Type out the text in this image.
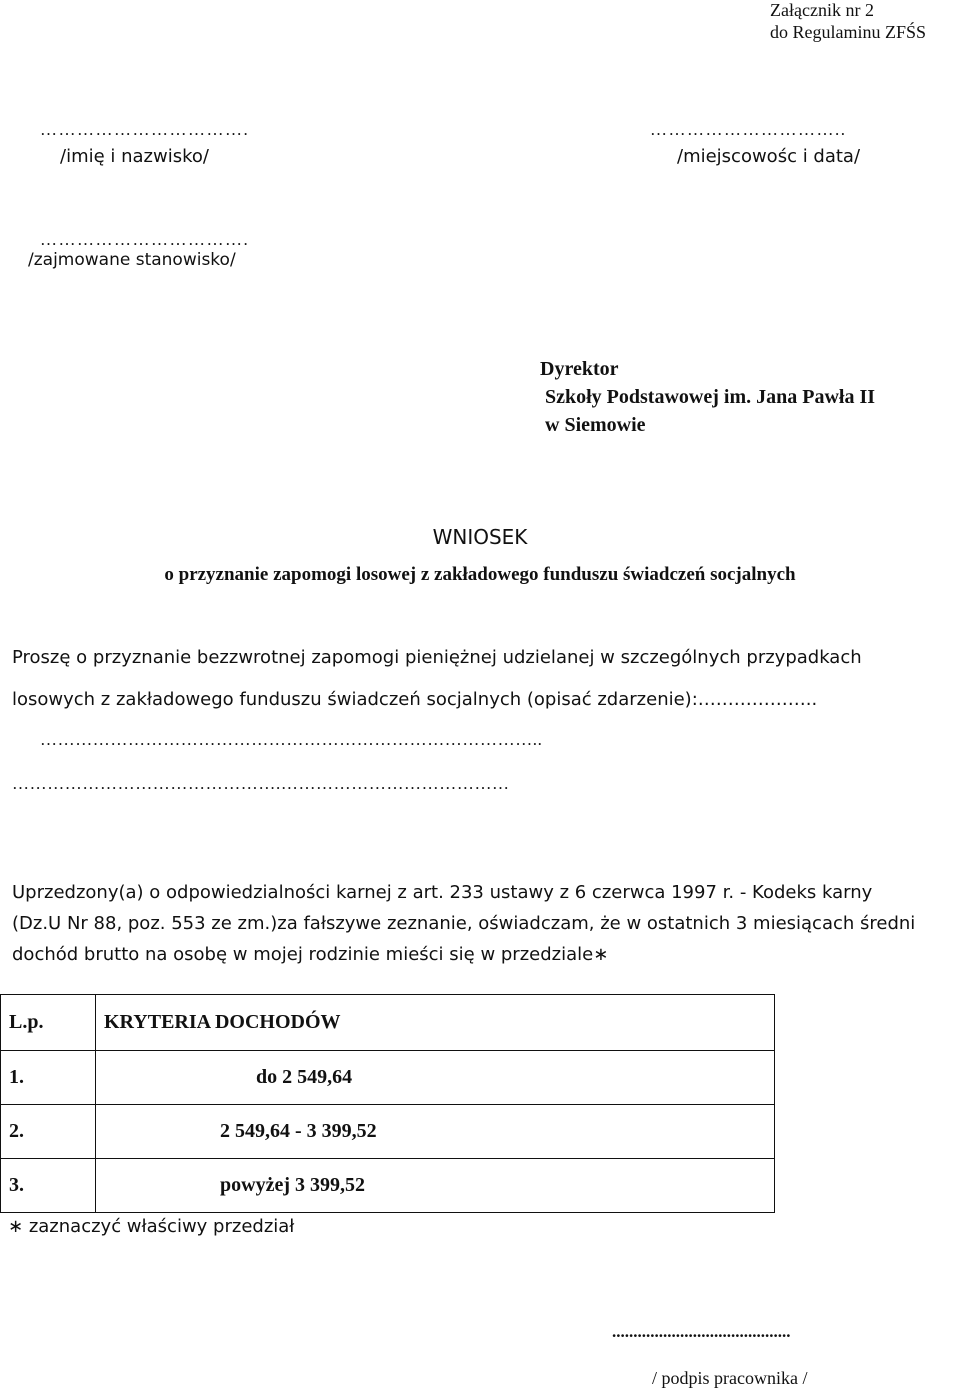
Załącznik nr 2
do Regulaminu ZFŚS
…………………………….
/imię i nazwisko/
…………………………..
/miejscowośc i data/
…………………………….
/zajmowane stanowisko/
Dyrektor
Szkoły Podstawowej im. Jana Pawła II
w Siemowie
WNIOSEK
o przyznanie zapomogi losowej z zakładowego funduszu świadczeń socjalnych
Proszę o przyznanie bezzwrotnej zapomogi pieniężnej udzielanej w szczególnych przypadkach
losowych z zakładowego funduszu świadczeń socjalnych (opisać zdarzenie):………………..
…………………………………………………………………………..
……………………………………….…………………………………
Uprzedzony(a) o odpowiedzialności karnej z art. 233 ustawy z 6 czerwca 1997 r. - Kodeks karny
(Dz.U Nr 88, poz. 553 ze zm.)za fałszywe zeznanie, oświadczam, że w ostatnich 3 miesiącach średni
dochód brutto na osobę w mojej rodzinie mieści się w przedziale∗
L.p.	KRYTERIA DOCHODÓW
1.	do 2 549,64
2.	2 549,64 - 3 399,52
3.	powyżej 3 399,52
∗ zaznaczyć właściwy przedział
..........................................
/ podpis pracownika /
